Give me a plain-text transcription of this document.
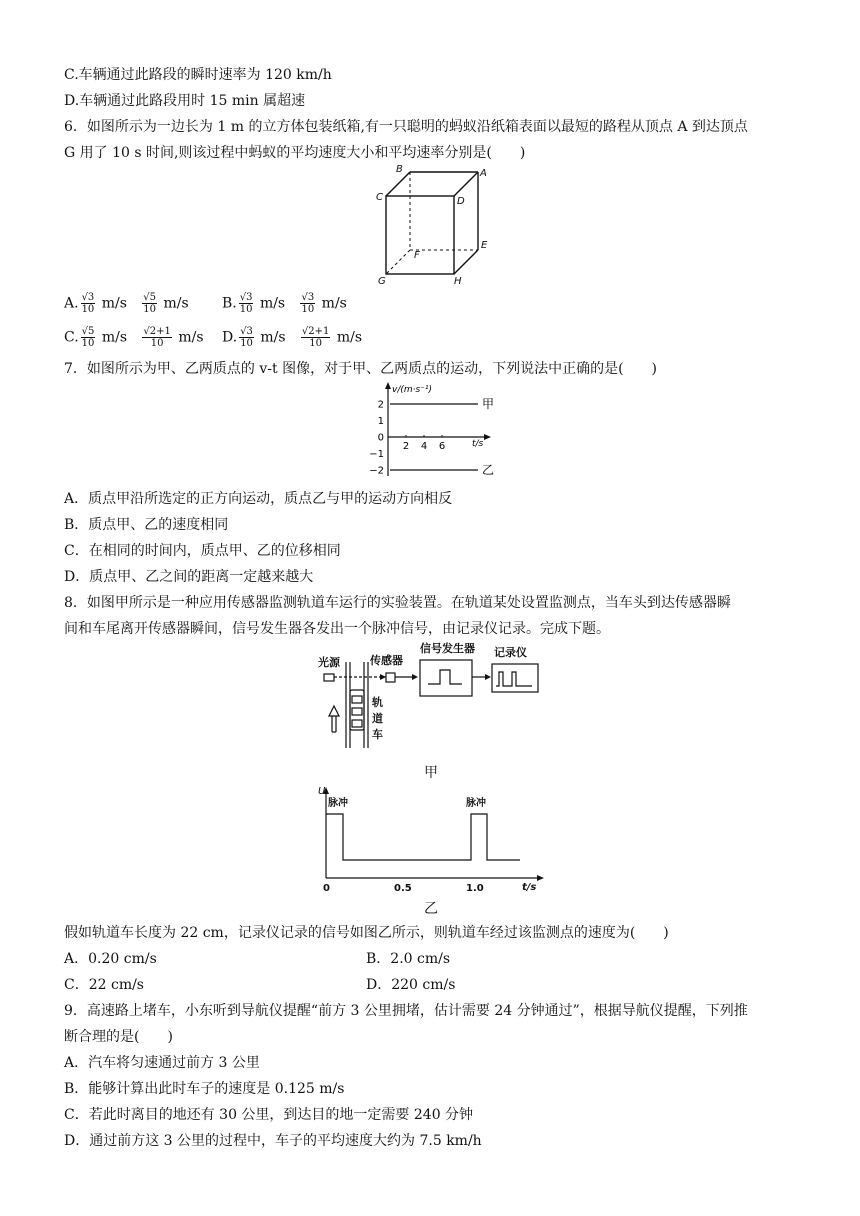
C.车辆通过此路段的瞬时速率为 120 km/h
D.车辆通过此路段用时 15 min 属超速
6．如图所示为一边长为 1 m 的立方体包装纸箱,有一只聪明的蚂蚁沿纸箱表面以最短的路程从顶点 A 到达顶点
G 用了 10 s 时间,则该过程中蚂蚁的平均速度大小和平均速率分别是(　　)
B	A
C	D
E
F
G	H
A. $\frac{√3}{10} m/s \frac{√5}{10} m/s$ B. $\frac{√3}{10} m/s \frac{√3}{10} m/s$
C. $\frac{√5}{10} m/s \frac{√2+1}{10} m/s$ D. $\frac{√3}{10} m/s \frac{√2+1}{10} m/s$
7．如图所示为甲、乙两质点的 v-t 图像，对于甲、乙两质点的运动，下列说法中正确的是(　　)
v/(m·s⁻¹)
t/s
2
1
0
−1
−2
2 4 6
甲
乙
A．质点甲沿所选定的正方向运动，质点乙与甲的运动方向相反
B．质点甲、乙的速度相同
C．在相同的时间内，质点甲、乙的位移相同
D．质点甲、乙之间的距离一定越来越大
8．如图甲所示是一种应用传感器监测轨道车运行的实验装置。在轨道某处设置监测点，当车头到达传感器瞬
间和车尾离开传感器瞬间，信号发生器各发出一个脉冲信号，由记录仪记录。完成下题。
光源	传感器
信号发生器 记录仪
轨
道
车
甲
U
脉冲	脉冲
0	0.5	1.0	t/s
乙
假如轨道车长度为 22 cm，记录仪记录的信号如图乙所示，则轨道车经过该监测点的速度为(　　)
A．0.20 cm/s	B．2.0 cm/s
C．22 cm/s	D．220 cm/s
9．高速路上堵车，小东听到导航仪提醒“前方 3 公里拥堵，估计需要 24 分钟通过”，根据导航仪提醒，下列推
断合理的是(　　)
A．汽车将匀速通过前方 3 公里
B．能够计算出此时车子的速度是 0.125 m/s
C．若此时离目的地还有 30 公里，到达目的地一定需要 240 分钟
D．通过前方这 3 公里的过程中，车子的平均速度大约为 7.5 km/h
